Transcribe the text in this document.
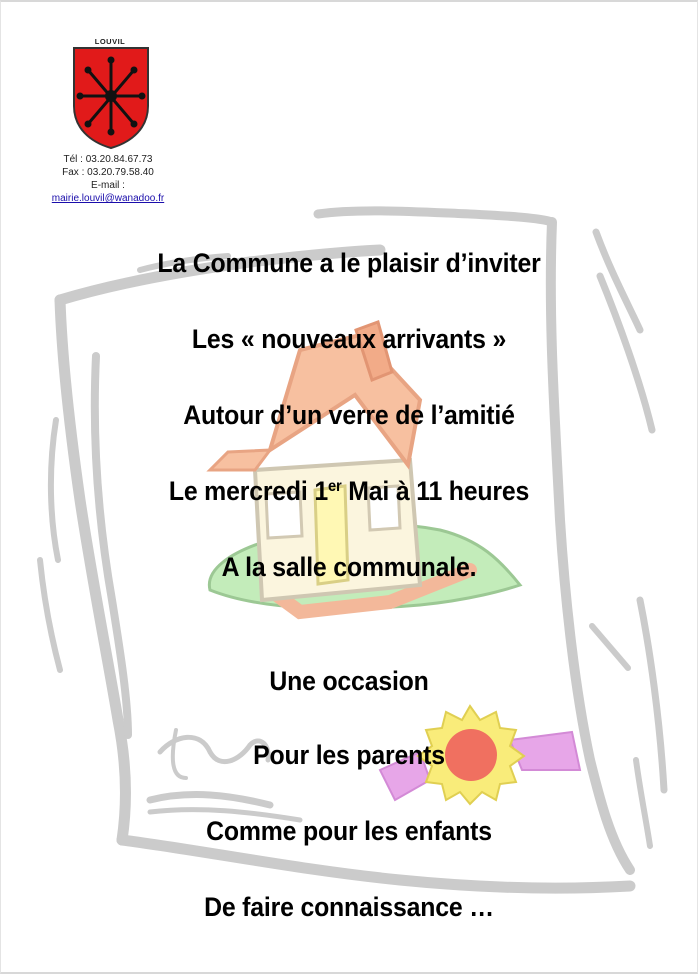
LOUVIL
Tél : 03.20.84.67.73
Fax : 03.20.79.58.40
E-mail :
mairie.louvil@wanadoo.fr
La Commune a le plaisir d’inviter
Les « nouveaux arrivants »
Autour d’un verre de l’amitié
Le mercredi 1er Mai à 11 heures
A la salle communale.
Une occasion
Pour les parents
Comme pour les enfants
De faire connaissance …
